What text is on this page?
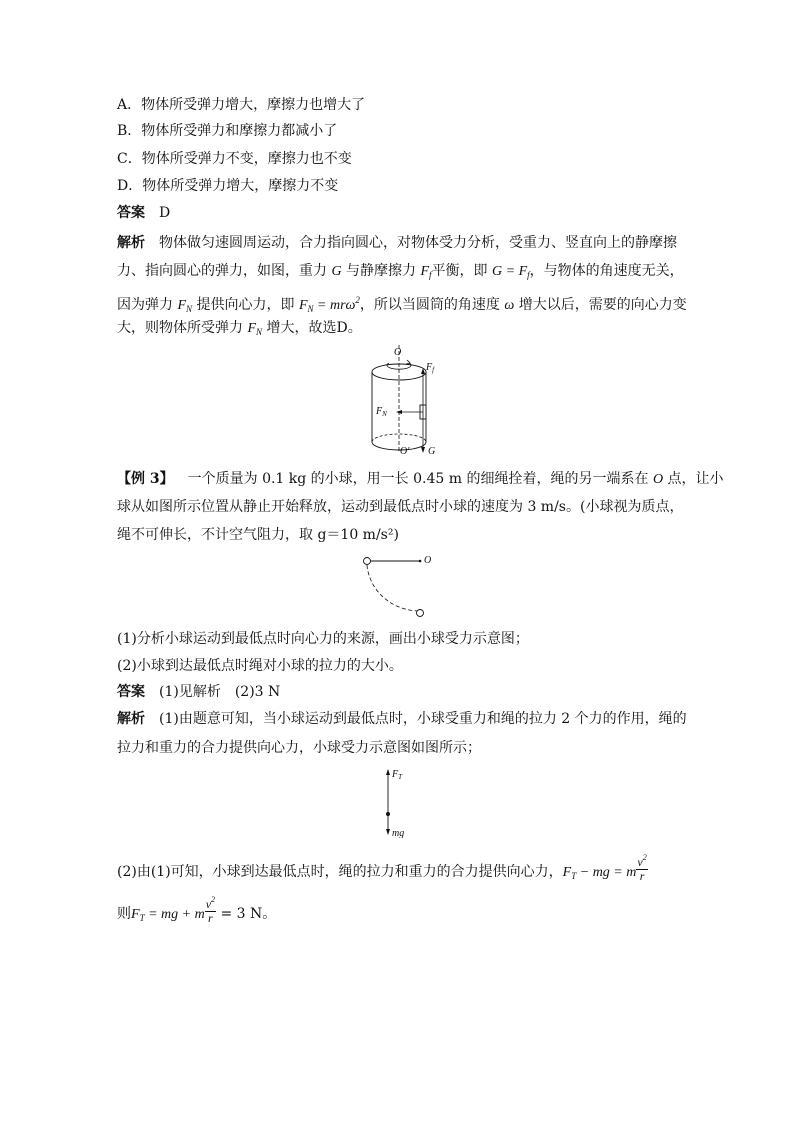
A．物体所受弹力增大，摩擦力也增大了
B．物体所受弹力和摩擦力都减小了
C．物体所受弹力不变，摩擦力也不变
D．物体所受弹力增大，摩擦力不变
答案 D
解析 物体做匀速圆周运动，合力指向圆心，对物体受力分析，受重力、竖直向上的静摩擦
力、指向圆心的弹力，如图，重力 G 与静摩擦力 $F_f$平衡，即 $G = F_f$，与物体的角速度无关，
因为弹力 $F_N$ 提供向心力，即 $F_N = mr\omega^2$，所以当圆筒的角速度 ω 增大以后，需要的向心力变
大，则物体所受弹力 $F_N$ 增大，故选D。
O
$F_f$
$F_N$
G
O′
【例 3】 一个质量为 0.1 kg 的小球，用一长 0.45 m 的细绳拴着，绳的另一端系在 O 点，让小
球从如图所示位置从静止开始释放，运动到最低点时小球的速度为 3 m/s。(小球视为质点，
绳不可伸长，不计空气阻力，取 g＝10 m/s²)
O
(1)分析小球运动到最低点时向心力的来源，画出小球受力示意图；
(2)小球到达最低点时绳对小球的拉力的大小。
答案 (1)见解析 (2)3 N
解析 (1)由题意可知，当小球运动到最低点时，小球受重力和绳的拉力 2 个力的作用，绳的
拉力和重力的合力提供向心力，小球受力示意图如图所示；
$F_T$
mg
(2)由(1)可知，小球到达最低点时，绳的拉力和重力的合力提供向心力，$F_T$ − mg = m $\frac{v^2}{r}$
则$F_T$ = mg + m $\frac{v^2}{r} = 3$ N。
